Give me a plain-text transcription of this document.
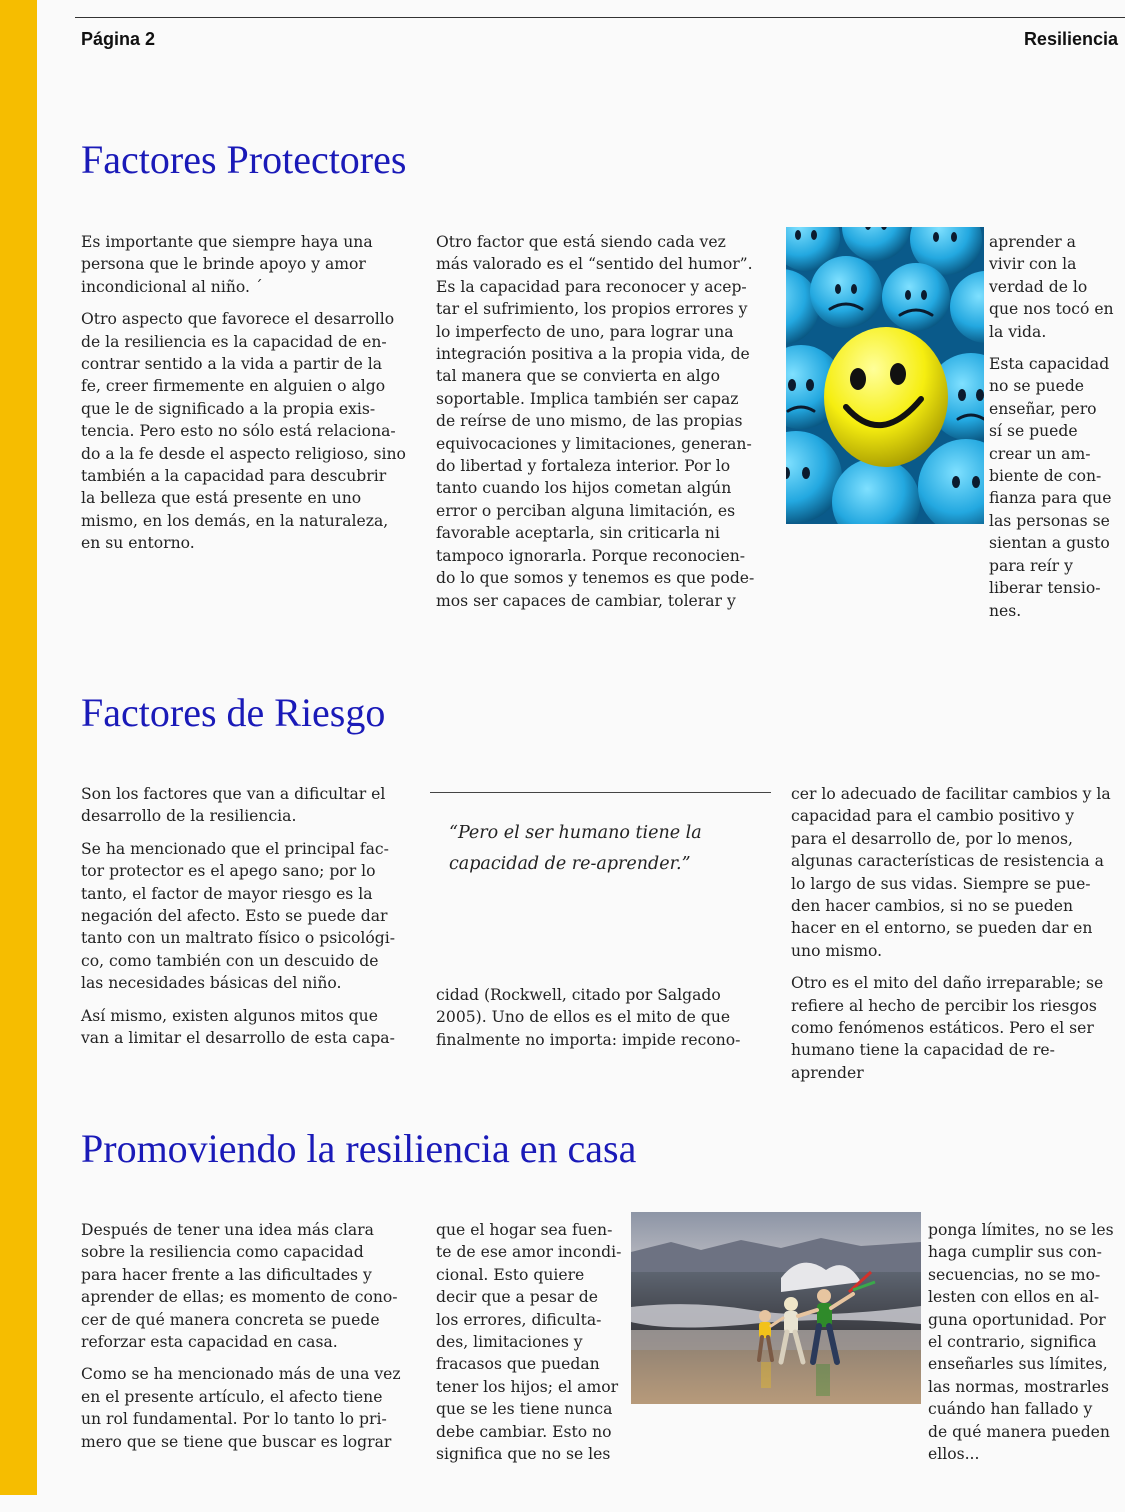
Página 2	Resiliencia
Factores Protectores

Es importante que siempre haya una
persona que le brinde apoyo y amor
incondicional al niño. ´

Otro aspecto que favorece el desarrollo
de la resiliencia es la capacidad de en-
contrar sentido a la vida a partir de la
fe, creer firmemente en alguien o algo
que le de significado a la propia exis-
tencia. Pero esto no sólo está relaciona-
do a la fe desde el aspecto religioso, sino
también a la capacidad para descubrir
la belleza que está presente en uno
mismo, en los demás, en la naturaleza,
en su entorno.

Otro factor que está siendo cada vez
más valorado es el “sentido del humor”.
Es la capacidad para reconocer y acep-
tar el sufrimiento, los propios errores y
lo imperfecto de uno, para lograr una
integración positiva a la propia vida, de
tal manera que se convierta en algo
soportable. Implica también ser capaz
de reírse de uno mismo, de las propias
equivocaciones y limitaciones, generan-
do libertad y fortaleza interior. Por lo
tanto cuando los hijos cometan algún
error o perciban alguna limitación, es
favorable aceptarla, sin criticarla ni
tampoco ignorarla. Porque reconocien-
do lo que somos y tenemos es que pode-
mos ser capaces de cambiar, tolerar y

aprender a
vivir con la
verdad de lo
que nos tocó en
la vida.

Esta capacidad
no se puede
enseñar, pero
sí se puede
crear un am-
biente de con-
fianza para que
las personas se
sientan a gusto
para reír y
liberar tensio-
nes.

Factores de Riesgo

Son los factores que van a dificultar el
desarrollo de la resiliencia.

Se ha mencionado que el principal fac-
tor protector es el apego sano; por lo
tanto, el factor de mayor riesgo es la
negación del afecto. Esto se puede dar
tanto con un maltrato físico o psicológi-
co, como también con un descuido de
las necesidades básicas del niño.

Así mismo, existen algunos mitos que
van a limitar el desarrollo de esta capa-

“Pero el ser humano tiene la
capacidad de re-aprender.”

cidad (Rockwell, citado por Salgado
2005). Uno de ellos es el mito de que
finalmente no importa: impide recono-

cer lo adecuado de facilitar cambios y la
capacidad para el cambio positivo y
para el desarrollo de, por lo menos,
algunas características de resistencia a
lo largo de sus vidas. Siempre se pue-
den hacer cambios, si no se pueden
hacer en el entorno, se pueden dar en
uno mismo.

Otro es el mito del daño irreparable; se
refiere al hecho de percibir los riesgos
como fenómenos estáticos. Pero el ser
humano tiene la capacidad de re-
aprender

Promoviendo la resiliencia en casa

Después de tener una idea más clara
sobre la resiliencia como capacidad
para hacer frente a las dificultades y
aprender de ellas; es momento de cono-
cer de qué manera concreta se puede
reforzar esta capacidad en casa.

Como se ha mencionado más de una vez
en el presente artículo, el afecto tiene
un rol fundamental. Por lo tanto lo pri-
mero que se tiene que buscar es lograr

que el hogar sea fuen-
te de ese amor incondi-
cional. Esto quiere
decir que a pesar de
los errores, dificulta-
des, limitaciones y
fracasos que puedan
tener los hijos; el amor
que se les tiene nunca
debe cambiar. Esto no
significa que no se les

ponga límites, no se les
haga cumplir sus con-
secuencias, no se mo-
lesten con ellos en al-
guna oportunidad. Por
el contrario, significa
enseñarles sus límites,
las normas, mostrarles
cuándo han fallado y
de qué manera pueden
ellos...
